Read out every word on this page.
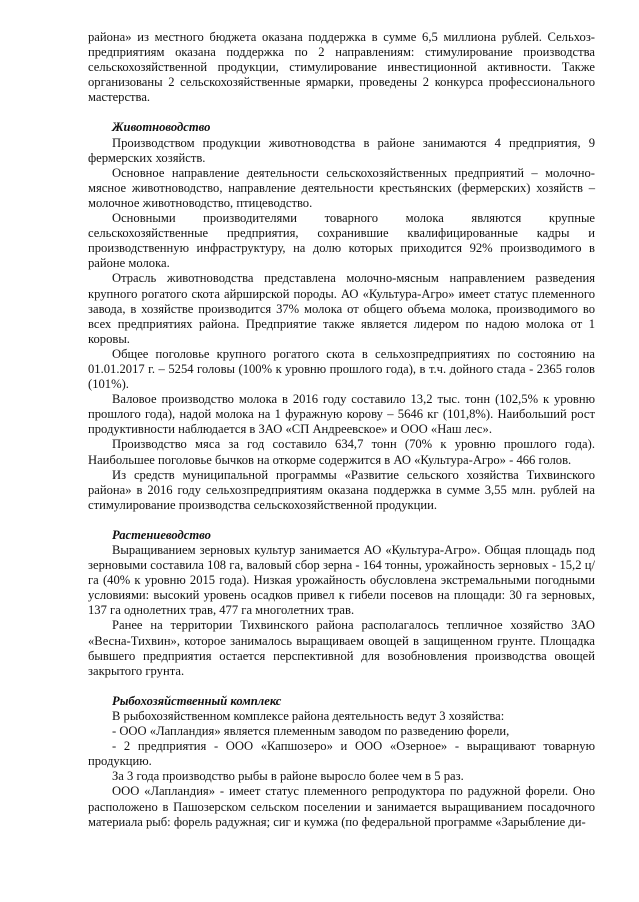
района» из местного бюджета оказана поддержка в сумме 6,5 миллиона рублей. Сельхоз-предприятиям оказана поддержка по 2 направлениям: стимулирование производства сельскохозяйственной продукции, стимулирование инвестиционной активности. Также организованы 2 сельскохозяйственные ярмарки, проведены 2 конкурса профессионального мастерства.

Животноводство

Производством продукции животноводства в районе занимаются 4 предприятия, 9 фермерских хозяйств.

Основное направление деятельности сельскохозяйственных предприятий – молочно-мясное животноводство, направление деятельности крестьянских (фермерских) хозяйств – молочное животноводство, птицеводство.

Основными производителями товарного молока являются крупные сельскохозяйственные предприятия, сохранившие квалифицированные кадры и производственную инфраструктуру, на долю которых приходится 92% производимого в районе молока.

Отрасль животноводства представлена молочно-мясным направлением разведения крупного рогатого скота айрширской породы. АО «Культура-Агро» имеет статус племенного завода, в хозяйстве производится 37% молока от общего объема молока, производимого во всех предприятиях района. Предприятие также является лидером по надою молока от 1 коровы.

Общее поголовье крупного рогатого скота в сельхозпредприятиях по состоянию на 01.01.2017 г. – 5254 головы (100% к уровню прошлого года), в т.ч. дойного стада - 2365 голов (101%).

Валовое производство молока в 2016 году составило 13,2 тыс. тонн (102,5% к уровню прошлого года), надой молока на 1 фуражную корову – 5646 кг (101,8%). Наибольший рост продуктивности наблюдается в ЗАО «СП Андреевское» и ООО «Наш лес».

Производство мяса за год составило 634,7 тонн (70% к уровню прошлого года). Наибольшее поголовье бычков на откорме содержится в АО «Культура-Агро» - 466 голов.

Из средств муниципальной программы «Развитие сельского хозяйства Тихвинского района» в 2016 году сельхозпредприятиям оказана поддержка в сумме 3,55 млн. рублей на стимулирование производства сельскохозяйственной продукции.

Растениеводство

Выращиванием зерновых культур занимается АО «Культура-Агро». Общая площадь под зерновыми составила 108 га, валовый сбор зерна - 164 тонны, урожайность зерновых - 15,2 ц/га (40% к уровню 2015 года). Низкая урожайность обусловлена экстремальными погодными условиями: высокий уровень осадков привел к гибели посевов на площади: 30 га зерновых, 137 га однолетних трав, 477 га многолетних трав.

Ранее на территории Тихвинского района располагалось тепличное хозяйство ЗАО «Весна-Тихвин», которое занималось выращиваем овощей в защищенном грунте. Площадка бывшего предприятия остается перспективной для возобновления производства овощей закрытого грунта.

Рыбохозяйственный комплекс

В рыбохозяйственном комплексе района деятельность ведут 3 хозяйства:

- ООО «Лапландия» является племенным заводом по разведению форели,

- 2 предприятия - ООО «Капшозеро» и ООО «Озерное» - выращивают товарную продукцию.

За 3 года производство рыбы в районе выросло более чем в 5 раз.

ООО «Лапландия» - имеет статус племенного репродуктора по радужной форели. Оно расположено в Пашозерском сельском поселении и занимается выращиванием посадочного материала рыб: форель радужная; сиг и кумжа (по федеральной программе «Зарыбление ди-
